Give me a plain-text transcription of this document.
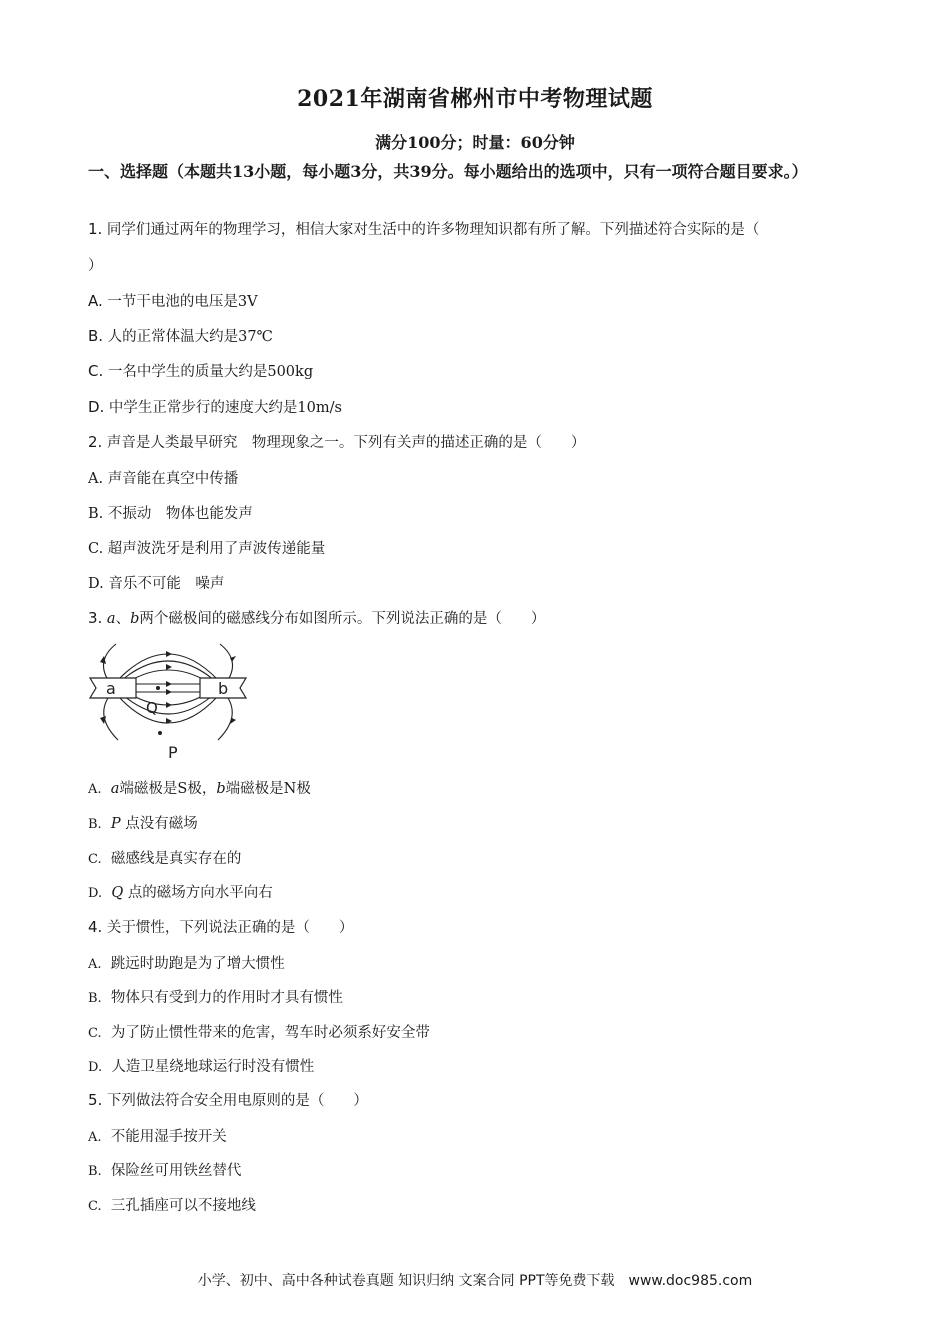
2021年湖南省郴州市中考物理试题
满分100分；时量：60分钟
一、选择题（本题共13小题，每小题3分，共39分。每小题给出的选项中，只有一项符合题目要求。）
1. 同学们通过两年的物理学习，相信大家对生活中的许多物理知识都有所了解。下列描述符合实际的是（
）
A. 一节干电池的电压是3V
B. 人的正常体温大约是37℃
C. 一名中学生的质量大约是500kg
D. 中学生正常步行的速度大约是10m/s
2. 声音是人类最早研究　物理现象之一。下列有关声的描述正确的是（　　）
A. 声音能在真空中传播
B. 不振动　物体也能发声
C. 超声波洗牙是利用了声波传递能量
D. 音乐不可能　噪声
3. a、b两个磁极间的磁感线分布如图所示。下列说法正确的是（　　）
a	b
Q
P
A. a端磁极是S极，b端磁极是N极
B. P 点没有磁场
C. 磁感线是真实存在的
D. Q 点的磁场方向水平向右
4. 关于惯性，下列说法正确的是（　　）
A. 跳远时助跑是为了增大惯性
B. 物体只有受到力的作用时才具有惯性
C. 为了防止惯性带来的危害，驾车时必须系好安全带
D. 人造卫星绕地球运行时没有惯性
5. 下列做法符合安全用电原则的是（　　）
A. 不能用湿手按开关
B. 保险丝可用铁丝替代
C. 三孔插座可以不接地线
小学、初中、高中各种试卷真题 知识归纳 文案合同 PPT等免费下载　www.doc985.com
